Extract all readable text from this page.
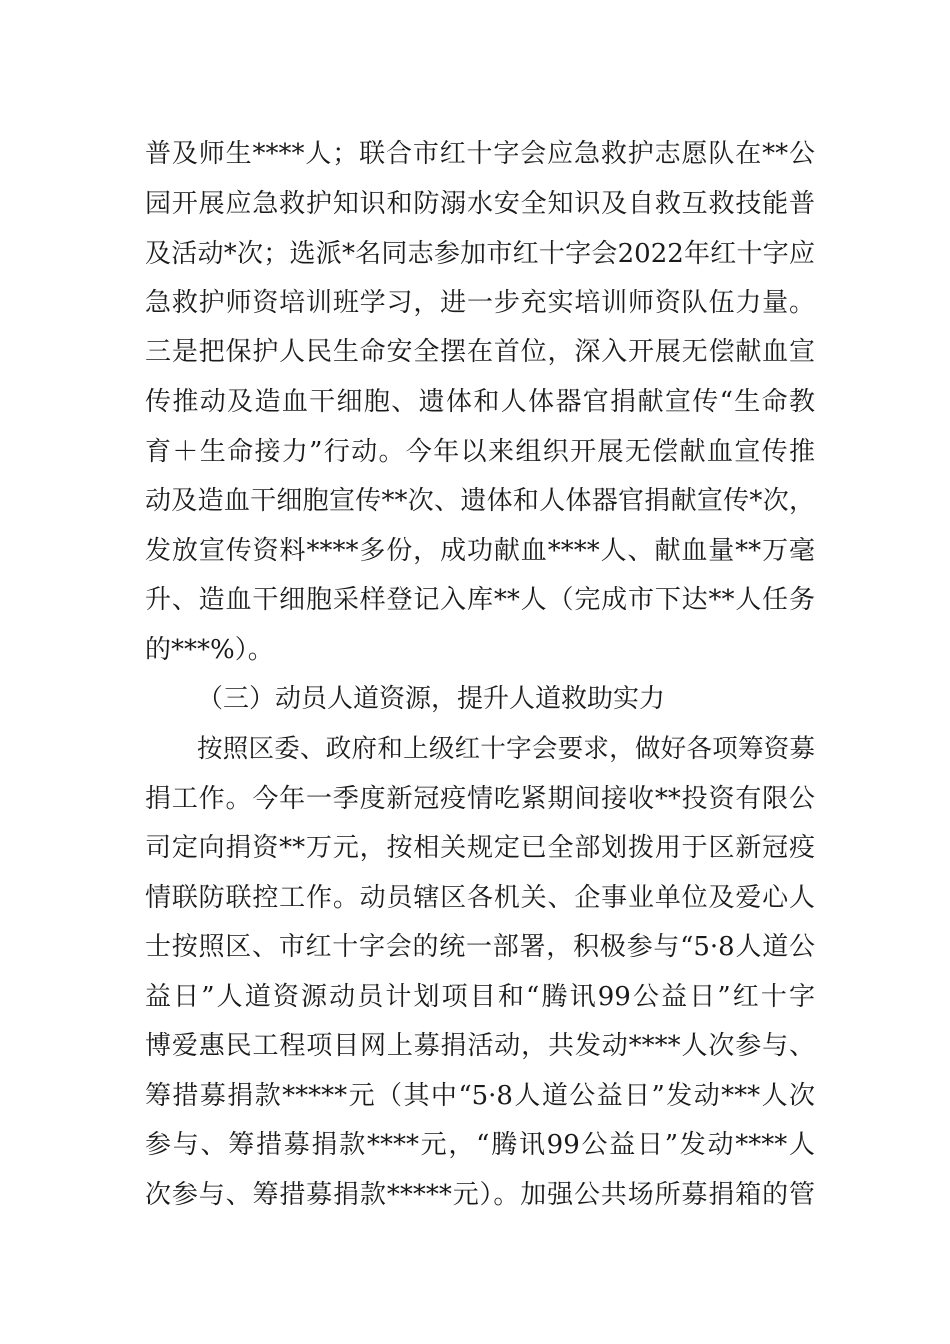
普及师生****人；联合市红十字会应急救护志愿队在**公
园开展应急救护知识和防溺水安全知识及自救互救技能普
及活动*次；选派*名同志参加市红十字会2022年红十字应
急救护师资培训班学习，进一步充实培训师资队伍力量。
三是把保护人民生命安全摆在首位，深入开展无偿献血宣
传推动及造血干细胞、遗体和人体器官捐献宣传“生命教
育＋生命接力”行动。今年以来组织开展无偿献血宣传推
动及造血干细胞宣传**次、遗体和人体器官捐献宣传*次，
发放宣传资料****多份，成功献血****人、献血量**万毫
升、造血干细胞采样登记入库**人（完成市下达**人任务
的***%）。
（三）动员人道资源，提升人道救助实力
按照区委、政府和上级红十字会要求，做好各项筹资募
捐工作。今年一季度新冠疫情吃紧期间接收**投资有限公
司定向捐资**万元，按相关规定已全部划拨用于区新冠疫
情联防联控工作。动员辖区各机关、企事业单位及爱心人
士按照区、市红十字会的统一部署，积极参与“5·8人道公
益日”人道资源动员计划项目和“腾讯99公益日”红十字
博爱惠民工程项目网上募捐活动，共发动****人次参与、
筹措募捐款*****元（其中“5·8人道公益日”发动***人次
参与、筹措募捐款****元，“腾讯99公益日”发动****人
次参与、筹措募捐款*****元）。加强公共场所募捐箱的管
